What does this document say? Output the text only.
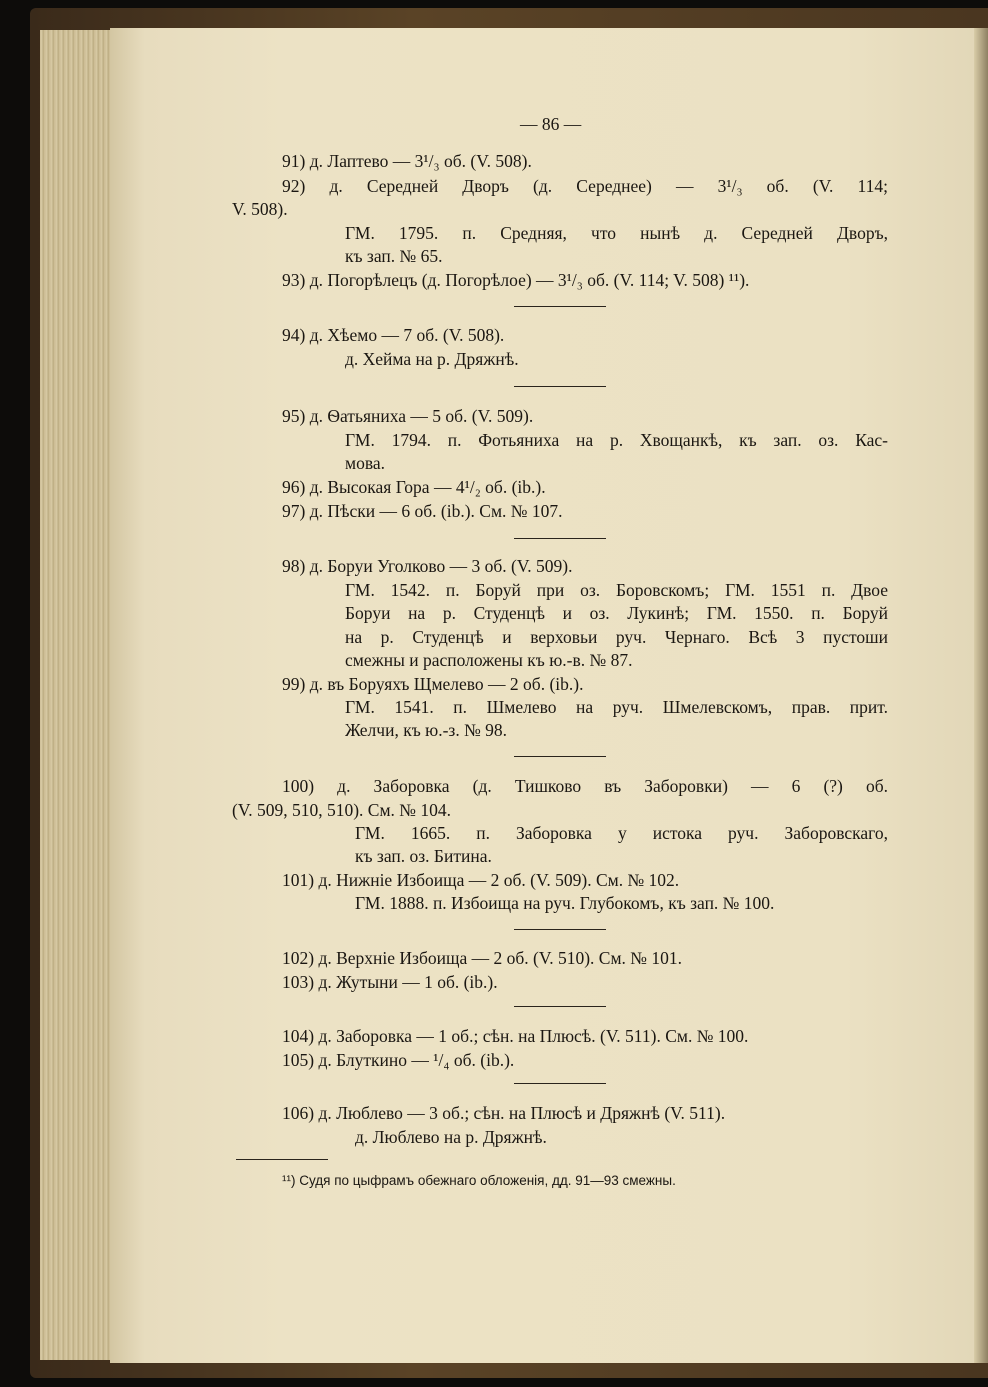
— 86 —
91) д. Лаптево — 3¹/₃ об. (V. 508).
92) д. Середней Дворъ (д. Середнее) — 3¹/₃ об. (V. 114;
V. 508).
ГМ. 1795. п. Средняя, что нынѣ д. Середней Дворъ,
къ зап. № 65.
93) д. Погорѣлецъ (д. Погорѣлое) — 3¹/₃ об. (V. 114; V. 508) ¹¹).
94) д. Хѣемо — 7 об. (V. 508).
д. Хейма на р. Дряжнѣ.
95) д. Ѳатьяниха — 5 об. (V. 509).
ГМ. 1794. п. Фотьяниха на р. Хвощанкѣ, къ зап. оз. Кас-
мова.
96) д. Высокая Гора — 4¹/₂ об. (ib.).
97) д. Пѣски — 6 об. (ib.). См. № 107.
98) д. Боруи Уголково — 3 об. (V. 509).
ГМ. 1542. п. Боруй при оз. Боровскомъ; ГМ. 1551 п. Двое
Боруи на р. Студенцѣ и оз. Лукинѣ; ГМ. 1550. п. Боруй
на р. Студенцѣ и верховьи руч. Чернаго. Всѣ 3 пустоши
смежны и расположены къ ю.-в. № 87.
99) д. въ Боруяхъ Щмелево — 2 об. (ib.).
ГМ. 1541. п. Шмелево на руч. Шмелевскомъ, прав. прит.
Желчи, къ ю.-з. № 98.
100) д. Заборовка (д. Тишково въ Заборовки) — 6 (?) об.
(V. 509, 510, 510). См. № 104.
ГМ. 1665. п. Заборовка у истока руч. Заборовскаго,
къ зап. оз. Битина.
101) д. Нижніе Избоища — 2 об. (V. 509). См. № 102.
ГМ. 1888. п. Избоища на руч. Глубокомъ, къ зап. № 100.
102) д. Верхніе Избоища — 2 об. (V. 510). См. № 101.
103) д. Жутыни — 1 об. (ib.).
104) д. Заборовка — 1 об.; сѣн. на Плюсѣ. (V. 511). См. № 100.
105) д. Блуткино — ¹/₄ об. (ib.).
106) д. Люблево — 3 об.; сѣн. на Плюсѣ и Дряжнѣ (V. 511).
д. Люблево на р. Дряжнѣ.
¹¹) Судя по цыфрамъ обежнаго обложенія, дд. 91—93 смежны.
